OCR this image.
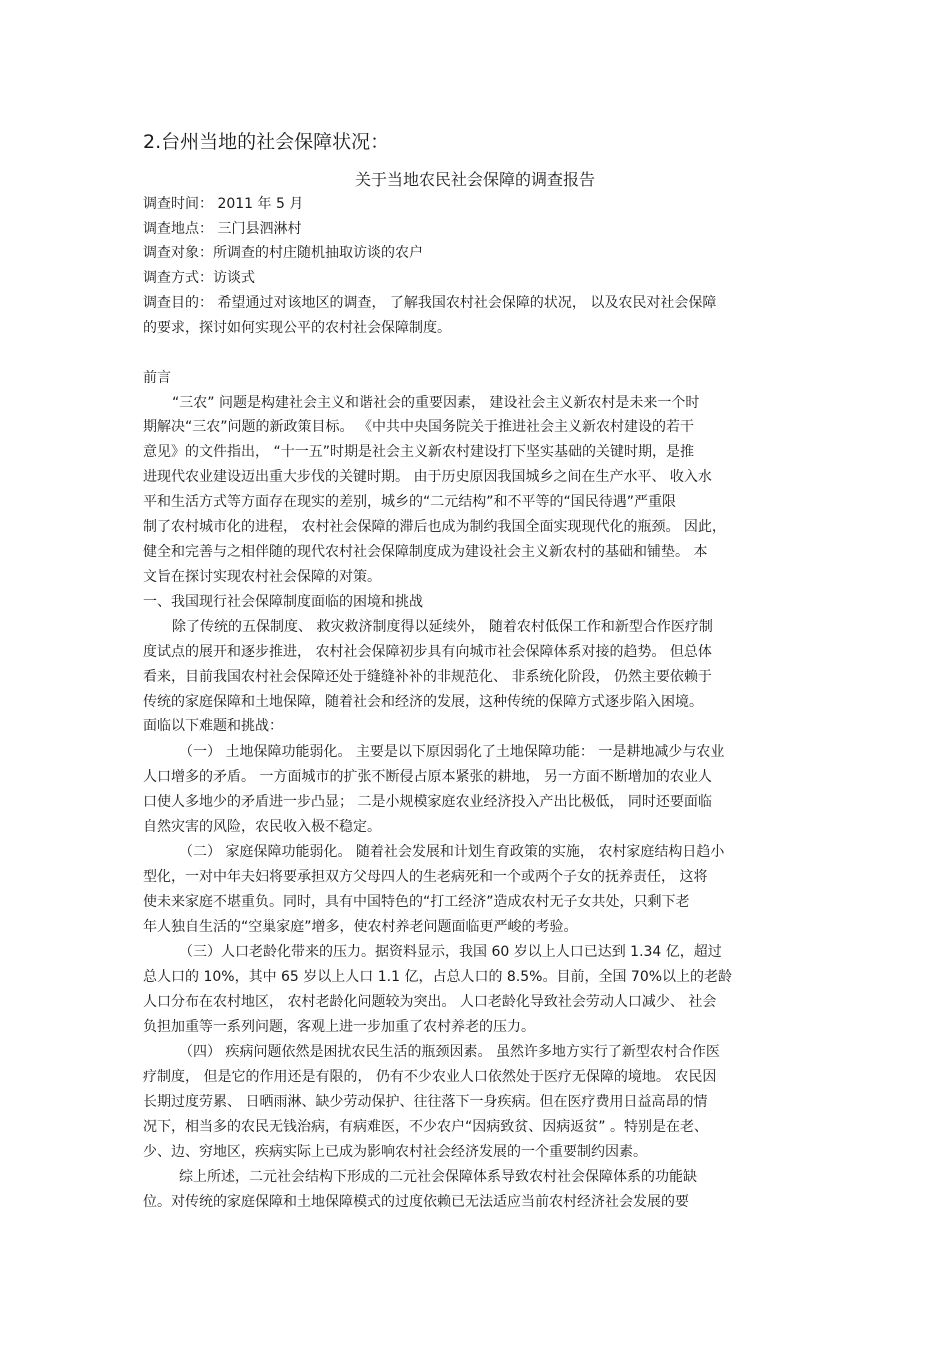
2.台州当地的社会保障状况：
关于当地农民社会保障的调查报告
调查时间： 2011 年 5 月
调查地点： 三门县泗淋村
调查对象：所调查的村庄随机抽取访谈的农户
调查方式：访谈式
调查目的： 希望通过对该地区的调查， 了解我国农村社会保障的状况， 以及农民对社会保障
的要求，探讨如何实现公平的农村社会保障制度。
前言
“三农” 问题是构建社会主义和谐社会的重要因素， 建设社会主义新农村是未来一个时
期解决“三农”问题的新政策目标。 《中共中央国务院关于推进社会主义新农村建设的若干
意见》的文件指出， “十一五”时期是社会主义新农村建设打下坚实基础的关键时期，是推
进现代农业建设迈出重大步伐的关键时期。 由于历史原因我国城乡之间在生产水平、 收入水
平和生活方式等方面存在现实的差别，城乡的“二元结构”和不平等的“国民待遇”严重限
制了农村城市化的进程， 农村社会保障的滞后也成为制约我国全面实现现代化的瓶颈。 因此，
健全和完善与之相伴随的现代农村社会保障制度成为建设社会主义新农村的基础和铺垫。 本
文旨在探讨实现农村社会保障的对策。
一、我国现行社会保障制度面临的困境和挑战
除了传统的五保制度、 救灾救济制度得以延续外， 随着农村低保工作和新型合作医疗制
度试点的展开和逐步推进， 农村社会保障初步具有向城市社会保障体系对接的趋势。 但总体
看来，目前我国农村社会保障还处于缝缝补补的非规范化、 非系统化阶段， 仍然主要依赖于
传统的家庭保障和土地保障，随着社会和经济的发展，这种传统的保障方式逐步陷入困境。
面临以下难题和挑战：
（一） 土地保障功能弱化。 主要是以下原因弱化了土地保障功能： 一是耕地减少与农业
人口增多的矛盾。 一方面城市的扩张不断侵占原本紧张的耕地， 另一方面不断增加的农业人
口使人多地少的矛盾进一步凸显； 二是小规模家庭农业经济投入产出比极低， 同时还要面临
自然灾害的风险，农民收入极不稳定。
（二） 家庭保障功能弱化。 随着社会发展和计划生育政策的实施， 农村家庭结构日趋小
型化，一对中年夫妇将要承担双方父母四人的生老病死和一个或两个子女的抚养责任， 这将
使未来家庭不堪重负。同时，具有中国特色的“打工经济”造成农村无子女共处，只剩下老
年人独自生活的“空巢家庭”增多，使农村养老问题面临更严峻的考验。
（三）人口老龄化带来的压力。据资料显示，我国 60 岁以上人口已达到 1.34 亿，超过
总人口的 10%，其中 65 岁以上人口 1.1 亿，占总人口的 8.5%。目前，全国 70%以上的老龄
人口分布在农村地区， 农村老龄化问题较为突出。 人口老龄化导致社会劳动人口减少、 社会
负担加重等一系列问题，客观上进一步加重了农村养老的压力。
（四） 疾病问题依然是困扰农民生活的瓶颈因素。 虽然许多地方实行了新型农村合作医
疗制度， 但是它的作用还是有限的， 仍有不少农业人口依然处于医疗无保障的境地。 农民因
长期过度劳累、 日晒雨淋、缺少劳动保护、往往落下一身疾病。但在医疗费用日益高昂的情
况下，相当多的农民无钱治病，有病难医，不少农户“因病致贫、因病返贫” 。特别是在老、
少、边、穷地区，疾病实际上已成为影响农村社会经济发展的一个重要制约因素。
综上所述，二元社会结构下形成的二元社会保障体系导致农村社会保障体系的功能缺
位。对传统的家庭保障和土地保障模式的过度依赖已无法适应当前农村经济社会发展的要
